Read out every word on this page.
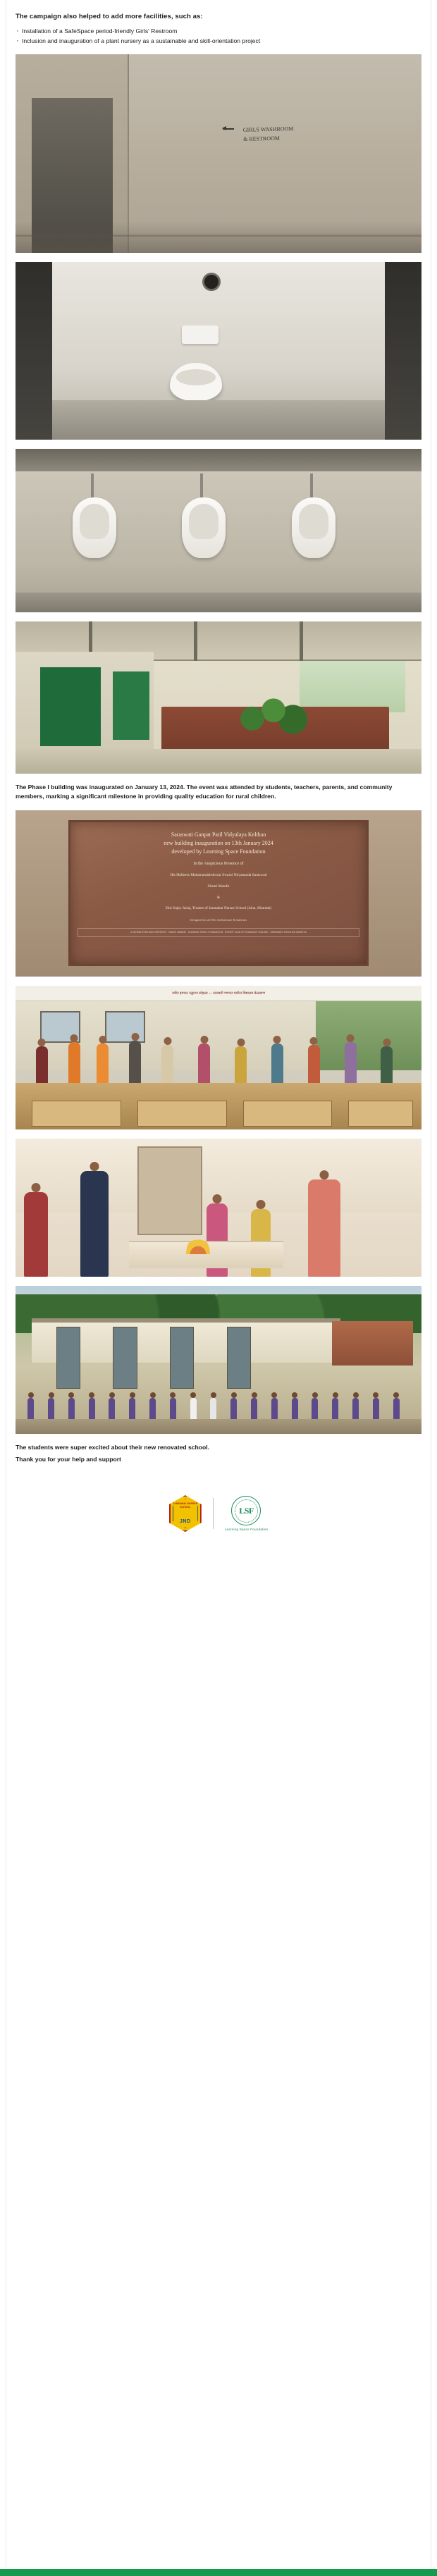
The campaign also helped to add more facilities, such as:

· Installation of a SafeSpace period-friendly Girls' Restroom
· Inclusion and inauguration of a plant nursery as a sustainable and skill-orientation project
GIRLS WASHROOM
& RESTROOM

The Phase I building was inaugurated on January 13, 2024. The event was attended by students, teachers, parents, and community members, marking a significant milestone in providing quality education for rural children.

Saraswati Ganpat Patil Vidyalaya Kelthan
new building inauguration on 13th January 2024
developed by Learning Space Foundation
In the Auspicious Presence of
His Holiness Mahamandaleshwar Swami Nityananda Saraswati
Shanti Mandir
&
Shri Sujay Jairaj, Trustee of Jamnabai Narsee School (Juhu, Mumbai)
Designed by iaeTAG Architecture & Interiors
CONTRIBUTORS AND PARTNERS · SHANTI MANDIR · LEARNING SPACE FOUNDATION · ROTARY CLUB OF KHANDESH TEALAND · SARASWATI SHIKSHAN SANSTHA
नवीन इमारत उद्घाटन सोहळा — सरस्वती गणपत पाटील विद्यालय केळठाण

The students were super excited about their new renovated school.

Thank you for your help and support

JAMNABAI NARSEE SCHOOL
JND
LSF
Learning Space Foundation
